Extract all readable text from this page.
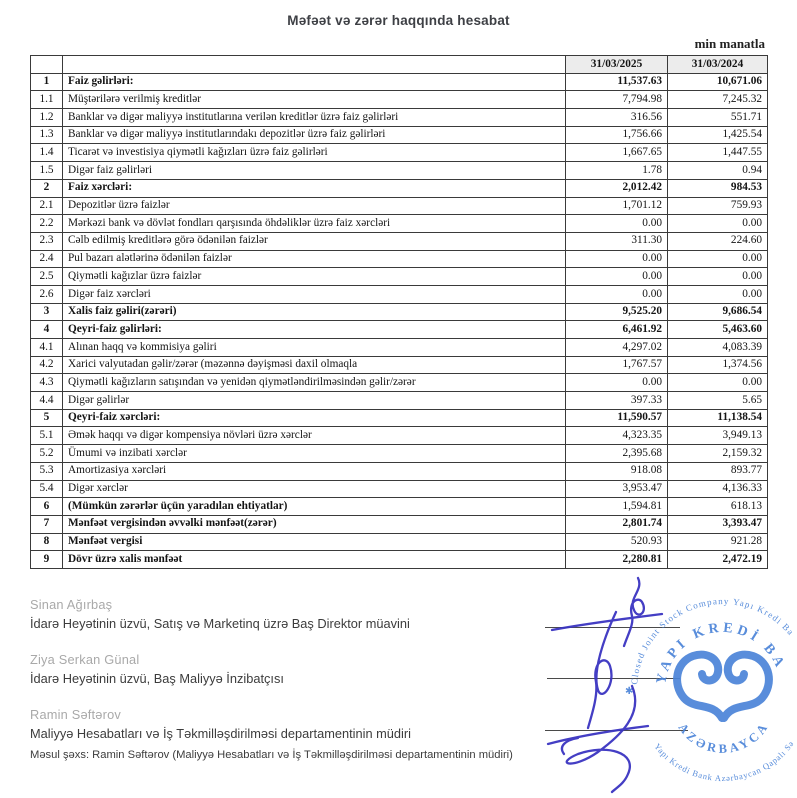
Məfəət və zərər haqqında hesabat
min manatla
		31/03/2025	31/03/2024
1	Faiz gəlirləri:	11,537.63	10,671.06
1.1	Müştərilərə verilmiş kreditlər	7,794.98	7,245.32
1.2	Banklar və digər maliyyə institutlarına verilən kreditlər üzrə faiz gəlirləri	316.56	551.71
1.3	Banklar və digər maliyyə institutlarındakı depozitlər üzrə faiz gəlirləri	1,756.66	1,425.54
1.4	Ticarət və investisiya qiymətli kağızları üzrə faiz gəlirləri	1,667.65	1,447.55
1.5	Digər faiz gəlirləri	1.78	0.94
2	Faiz xərcləri:	2,012.42	984.53
2.1	Depozitlər üzrə faizlər	1,701.12	759.93
2.2	Mərkəzi bank və dövlət fondları qarşısında öhdəliklər üzrə faiz xərcləri	0.00	0.00
2.3	Cəlb edilmiş kreditlərə görə ödənilən faizlər	311.30	224.60
2.4	Pul bazarı alətlərinə ödənilən faizlər	0.00	0.00
2.5	Qiymətli kağızlar üzrə faizlər	0.00	0.00
2.6	Digər faiz xərcləri	0.00	0.00
3	Xalis faiz gəliri(zərəri)	9,525.20	9,686.54
4	Qeyri-faiz gəlirləri:	6,461.92	5,463.60
4.1	Alınan haqq və kommisiya gəliri	4,297.02	4,083.39
4.2	Xarici valyutadan gəlir/zərər (məzənnə dəyişməsi daxil olmaqla	1,767.57	1,374.56
4.3	Qiymətli kağızların satışından və yenidən qiymətləndirilməsindən gəlir/zərər	0.00	0.00
4.4	Digər gəlirlər	397.33	5.65
5	Qeyri-faiz xərcləri:	11,590.57	11,138.54
5.1	Əmək haqqı və digər kompensiya növləri üzrə xərclər	4,323.35	3,949.13
5.2	Ümumi və inzibati xərclər	2,395.68	2,159.32
5.3	Amortizasiya xərcləri	918.08	893.77
5.4	Digər xərclər	3,953.47	4,136.33
6	(Mümkün zərərlər üçün yaradılan ehtiyatlar)	1,594.81	618.13
7	Mənfəət vergisindən əvvəlki mənfəət(zərər)	2,801.74	3,393.47
8	Mənfəət vergisi	520.93	921.28
9	Dövr üzrə xalis mənfəət	2,280.81	2,472.19
Sinan Ağırbaş
İdarə Heyətinin üzvü, Satış və Marketinq üzrə Baş Direktor müavini
Ziya Serkan Günal
İdarə Heyətinin üzvü, Baş Maliyyə İnzibatçısı
Ramin Səftərov
Maliyyə Hesabatları və İş Təkmilləşdirilməsi departamentinin müdiri
Məsul şəxs: Ramin Səftərov (Maliyyə Hesabatları və İş Təkmilləşdirilməsi departamentinin müdiri)
Closed Joint Stock Company Yapı Kredi Ba
Yapı Kredi Bank Azərbaycan Qapalı Səhmd
YAPI KREDİ BA
AZƏRBAYCA
✱
